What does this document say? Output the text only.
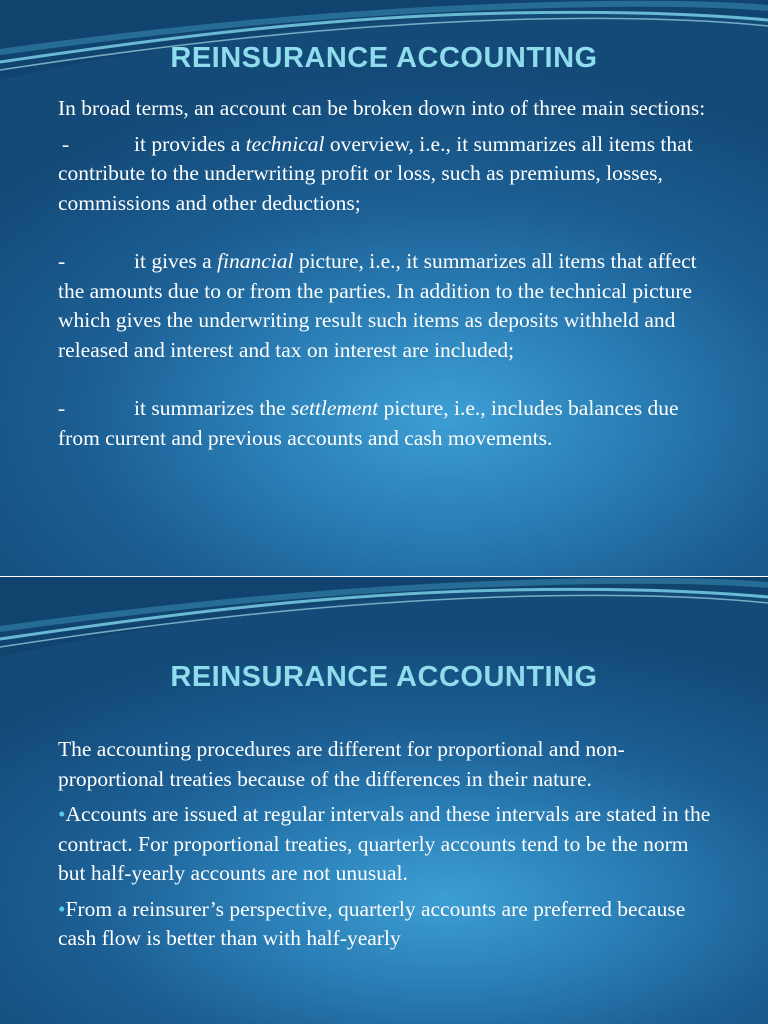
REINSURANCE ACCOUNTING

In broad terms, an account can be broken down into of three main sections:

-	it provides a technical overview, i.e., it summarizes all items that contribute to the underwriting profit or loss, such as premiums, losses, commissions and other deductions;

-	it gives a financial picture, i.e., it summarizes all items that affect the amounts due to or from the parties. In addition to the technical picture which gives the underwriting result such items as deposits withheld and released and interest and tax on interest are included;

-	it summarizes the settlement picture, i.e., includes balances due from current and previous accounts and cash movements.

REINSURANCE ACCOUNTING

The accounting procedures are different for proportional and non-proportional treaties because of the differences in their nature.

•Accounts are issued at regular intervals and these intervals are stated in the contract. For proportional treaties, quarterly accounts tend to be the norm but half-yearly accounts are not unusual.

•From a reinsurer’s perspective, quarterly accounts are preferred because cash flow is better than with half-yearly
